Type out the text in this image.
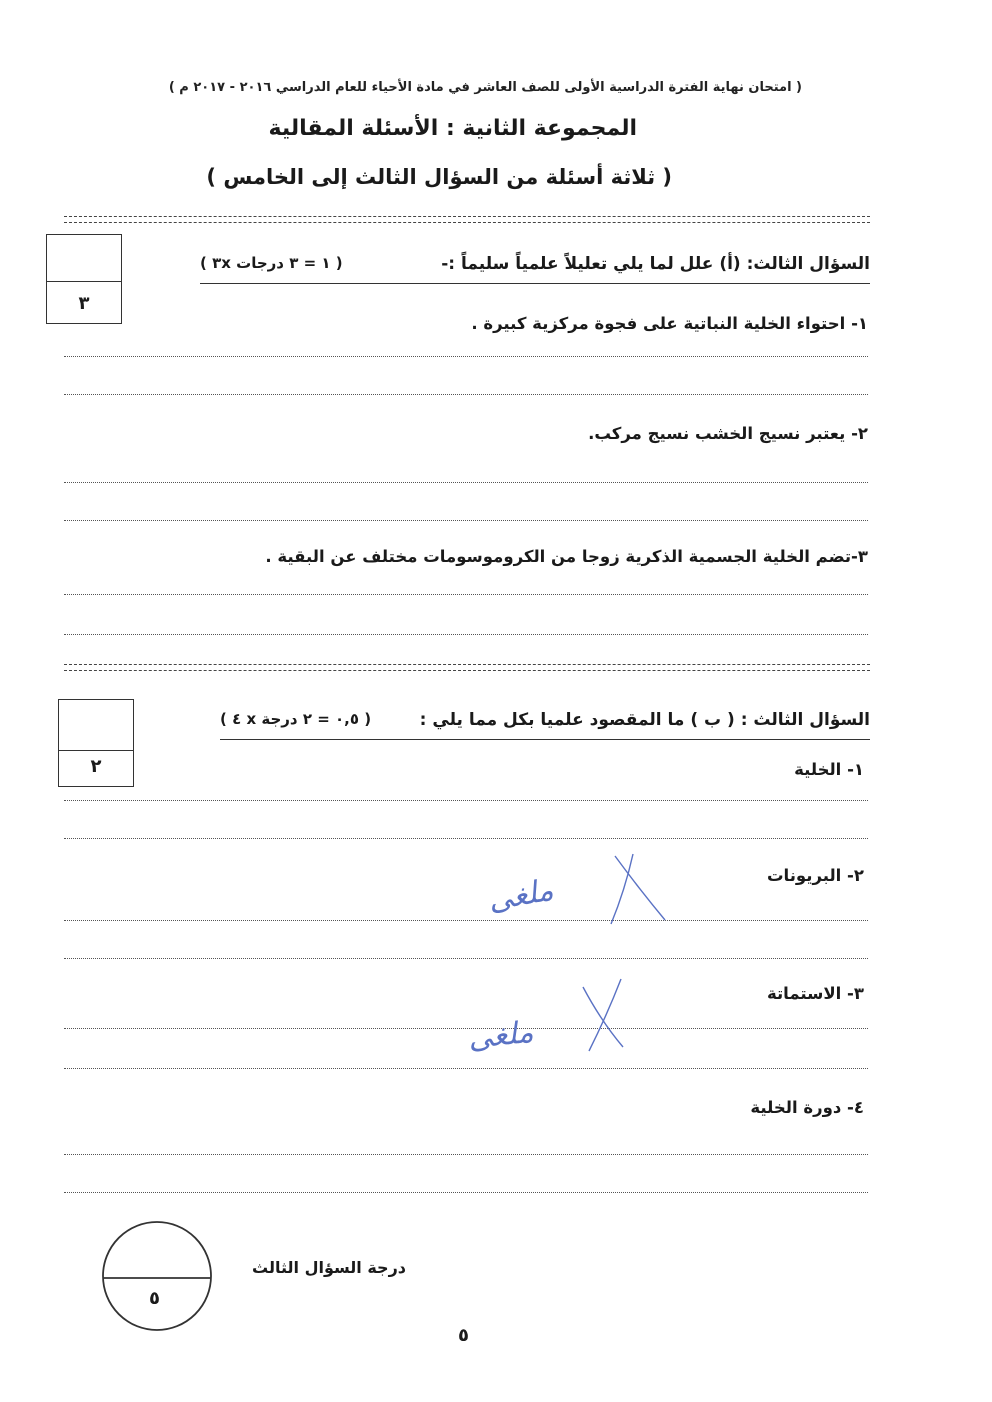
( امتحان نهاية الفترة الدراسية الأولى للصف العاشر في مادة الأحياء للعام الدراسي ٢٠١٦ - ٢٠١٧ م )
المجموعة الثانية : الأسئلة المقالية
( ثلاثة أسئلة من السؤال الثالث إلى الخامس )
٣
السؤال الثالث: (أ) علل لما يلي تعليلاً علمياً سليماً :-
( ٣x ١ = ٣ درجات )
١- احتواء الخلية النباتية على فجوة مركزية كبيرة .
٢- يعتبر نسيج الخشب نسيج مركب.
٣-تضم الخلية الجسمية الذكرية زوجا من الكروموسومات مختلف عن البقية .
٢
السؤال الثالث : ( ب ) ما المقصود علميا بكل مما يلي :
( ٤ x ٠,٥ = ٢ درجة )
١- الخلية
٢- البريونات
٣- الاستماتة
٤- دورة الخلية
ملغى
ملغى
٥
درجة السؤال الثالث
٥
